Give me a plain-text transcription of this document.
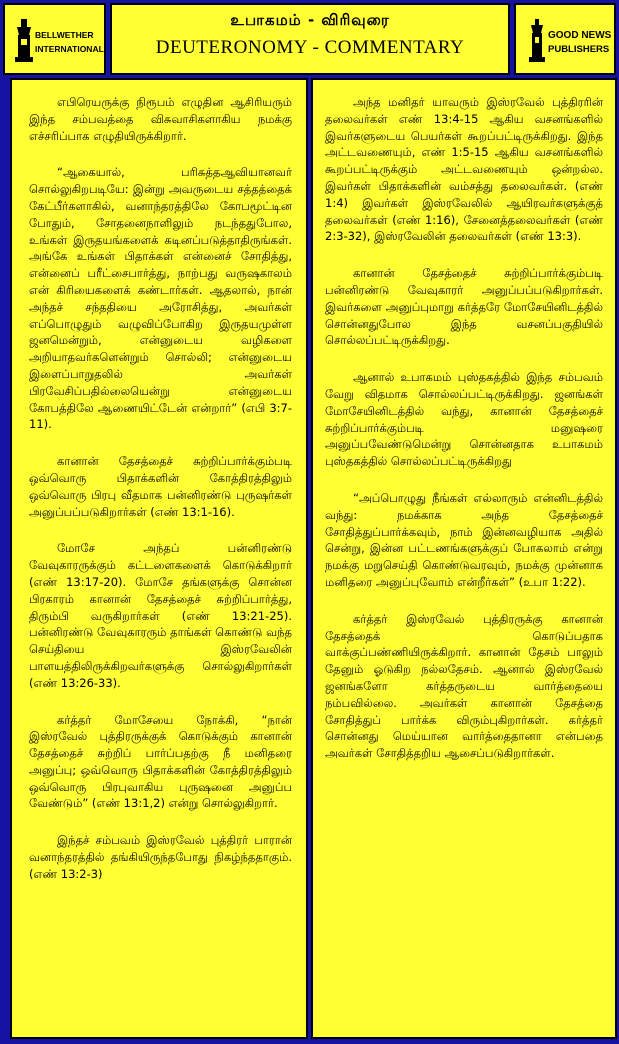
BELLWETHER
INTERNATIONAL
உபாகமம் - விரிவுரை
DEUTERONOMY - COMMENTARY
GOOD NEWS
PUBLISHERS

எபிரெயருக்கு நிரூபம் எழுதின ஆசிரியரும் இந்த சம்பவத்தை விசுவாசிகளாகிய நமக்கு எச்சரிப்பாக எழுதியிருக்கிறார்.

“ஆகையால், பரிசுத்தஆவியானவர் சொல்லுகிறபடியே: இன்று அவருடைய சத்தத்தைக் கேட்பீர்களாகில், வனாந்தரத்திலே கோபமூட்டின போதும், சோதனைநாளிலும் நடந்ததுபோல, உங்கள் இருதயங்களைக் கடினப்படுத்தாதிருங்கள். அங்கே உங்கள் பிதாக்கள் என்னைச் சோதித்து, என்னைப் பரீட்சைபார்த்து, நாற்பது வருஷகாலம் என் கிரியைகளைக் கண்டார்கள். ஆதலால், நான் அந்தச் சந்ததியை அரோசித்து, அவர்கள் எப்பொழுதும் வழுவிப்போகிற இருதயமுள்ள ஜனமென்றும், என்னுடைய வழிகளை அறியாதவர்களென்றும் சொல்லி; என்னுடைய இளைப்பாறுதலில் அவர்கள் பிரவேசிப்பதில்லையென்று என்னுடைய கோபத்திலே ஆணையிட்டேன் என்றார்” (எபி 3:7-11).

கானான் தேசத்தைச் சுற்றிப்பார்க்கும்படி ஒவ்வொரு பிதாக்களின் கோத்திரத்திலும் ஒவ்வொரு பிரபு வீதமாக பன்னிரண்டு புருஷர்கள் அனுப்பப்படுகிறார்கள் (எண் 13:1-16).

மோசே அந்தப் பன்னிரண்டு வேவுகாரருக்கும் கட்டளைகளைக் கொடுக்கிறார் (எண் 13:17-20). மோசே தங்களுக்கு சொன்ன பிரகாரம் கானான் தேசத்தைச் சுற்றிப்பார்த்து, திரும்பி வருகிறார்கள் (எண் 13:21-25). பன்னிரண்டு வேவுகாரரும் தாங்கள் கொண்டு வந்த செய்தியை இஸ்ரவேலின் பாளயத்திலிருக்கிறவர்களுக்கு சொல்லுகிறார்கள் (எண் 13:26-33).

கர்த்தர் மோசேயை நோக்கி, “நான் இஸ்ரவேல் புத்திரருக்குக் கொடுக்கும் கானான் தேசத்தைச் சுற்றிப் பார்ப்பதற்கு நீ மனிதரை அனுப்பு; ஒவ்வொரு பிதாக்களின் கோத்திரத்திலும் ஒவ்வொரு பிரபுவாகிய புருஷனை அனுப்ப வேண்டும்” (எண் 13:1,2) என்று சொல்லுகிறார்.

இந்தச் சம்பவம் இஸ்ரவேல் புத்திரர் பாரான் வனாந்தரத்தில் தங்கியிருந்தபோது நிகழ்ந்ததாகும். (எண் 13:2-3)

அந்த மனிதர் யாவரும் இஸ்ரவேல் புத்திரரின் தலைவர்கள் எண் 13:4-15 ஆகிய வசனங்களில் இவர்களுடைய பெயர்கள் கூறப்பட்டிருக்கிறது. இந்த அட்டவணையும், எண் 1:5-15 ஆகிய வசனங்களில் கூறப்பட்டிருக்கும் அட்டவணையும் ஒன்றல்ல. இவர்கள் பிதாக்களின் வம்சத்து தலைவர்கள். (எண் 1:4) இவர்கள் இஸ்ரவேலில் ஆயிரவர்களுக்குத் தலைவர்கள் (எண் 1:16), சேனைத்தலைவர்கள் (எண் 2:3-32), இஸ்ரவேலின் தலைவர்கள் (எண் 13:3).

கானான் தேசத்தைச் சுற்றிப்பார்க்கும்படி பன்னிரண்டு வேவுகாரர் அனுப்பப்படுகிறார்கள். இவர்களை அனுப்புமாறு கர்த்தரே மோசேயினிடத்தில் சொன்னதுபோல இந்த வசனப்பகுதியில் சொல்லப்பட்டிருக்கிறது.

ஆனால் உபாகமம் புஸ்தகத்தில் இந்த சம்பவம் வேறு விதமாக சொல்லப்பட்டிருக்கிறது. ஜனங்கள் மோசேயினிடத்தில் வந்து, கானான் தேசத்தைச் சுற்றிப்பார்க்கும்படி மனுஷரை அனுப்பவேண்டுமென்று சொன்னதாக உபாகமம் புஸ்தகத்தில் சொல்லப்பட்டிருக்கிறது

“அப்பொழுது நீங்கள் எல்லாரும் என்னிடத்தில் வந்து: நமக்காக அந்த தேசத்தைச் சோதித்துப்பார்க்கவும், நாம் இன்னவழியாக அதில் சென்று, இன்ன பட்டணங்களுக்குப் போகலாம் என்று நமக்கு மறுசெய்தி கொண்டுவரவும், நமக்கு முன்னாக மனிதரை அனுப்புவோம் என்றீர்கள்” (உபா 1:22).

கர்த்தர் இஸ்ரவேல் புத்திரருக்கு கானான் தேசத்தைக் கொடுப்பதாக வாக்குப்பண்ணியிருக்கிறார். கானான் தேசம் பாலும் தேனும் ஓடுகிற நல்லதேசம். ஆனால் இஸ்ரவேல் ஜனங்களோ கர்த்தருடைய வார்த்தையை நம்பவில்லை. அவர்கள் கானான் தேசத்தை சோதித்துப் பார்க்க விரும்புகிறார்கள். கர்த்தர் சொன்னது மெய்யான வார்த்தைதானா என்பதை அவர்கள் சோதித்தறிய ஆசைப்படுகிறார்கள்.
